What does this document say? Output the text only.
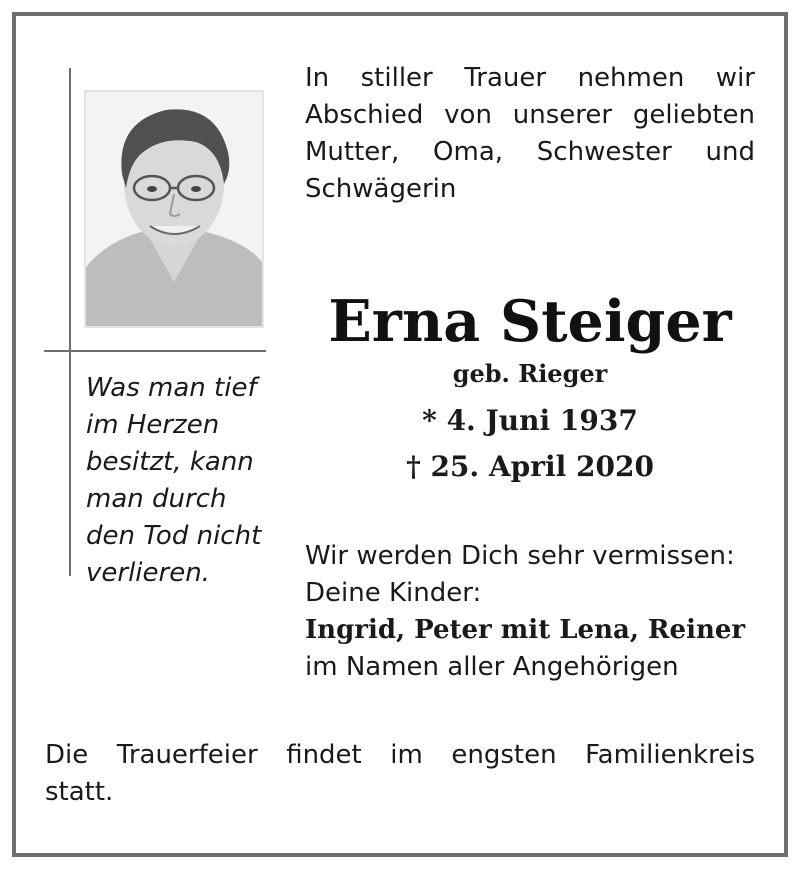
In stiller Trauer nehmen wir
Abschied von unserer geliebten
Mutter, Oma, Schwester und
Schwägerin
Erna Steiger
geb. Rieger
* 4. Juni 1937
† 25. April 2020
Was man tief
im Herzen
besitzt, kann
man durch
den Tod nicht
verlieren.
Wir werden Dich sehr vermissen:
Deine Kinder:
Ingrid, Peter mit Lena, Reiner
im Namen aller Angehörigen
Die Trauerfeier findet im engsten Familienkreis
statt.
